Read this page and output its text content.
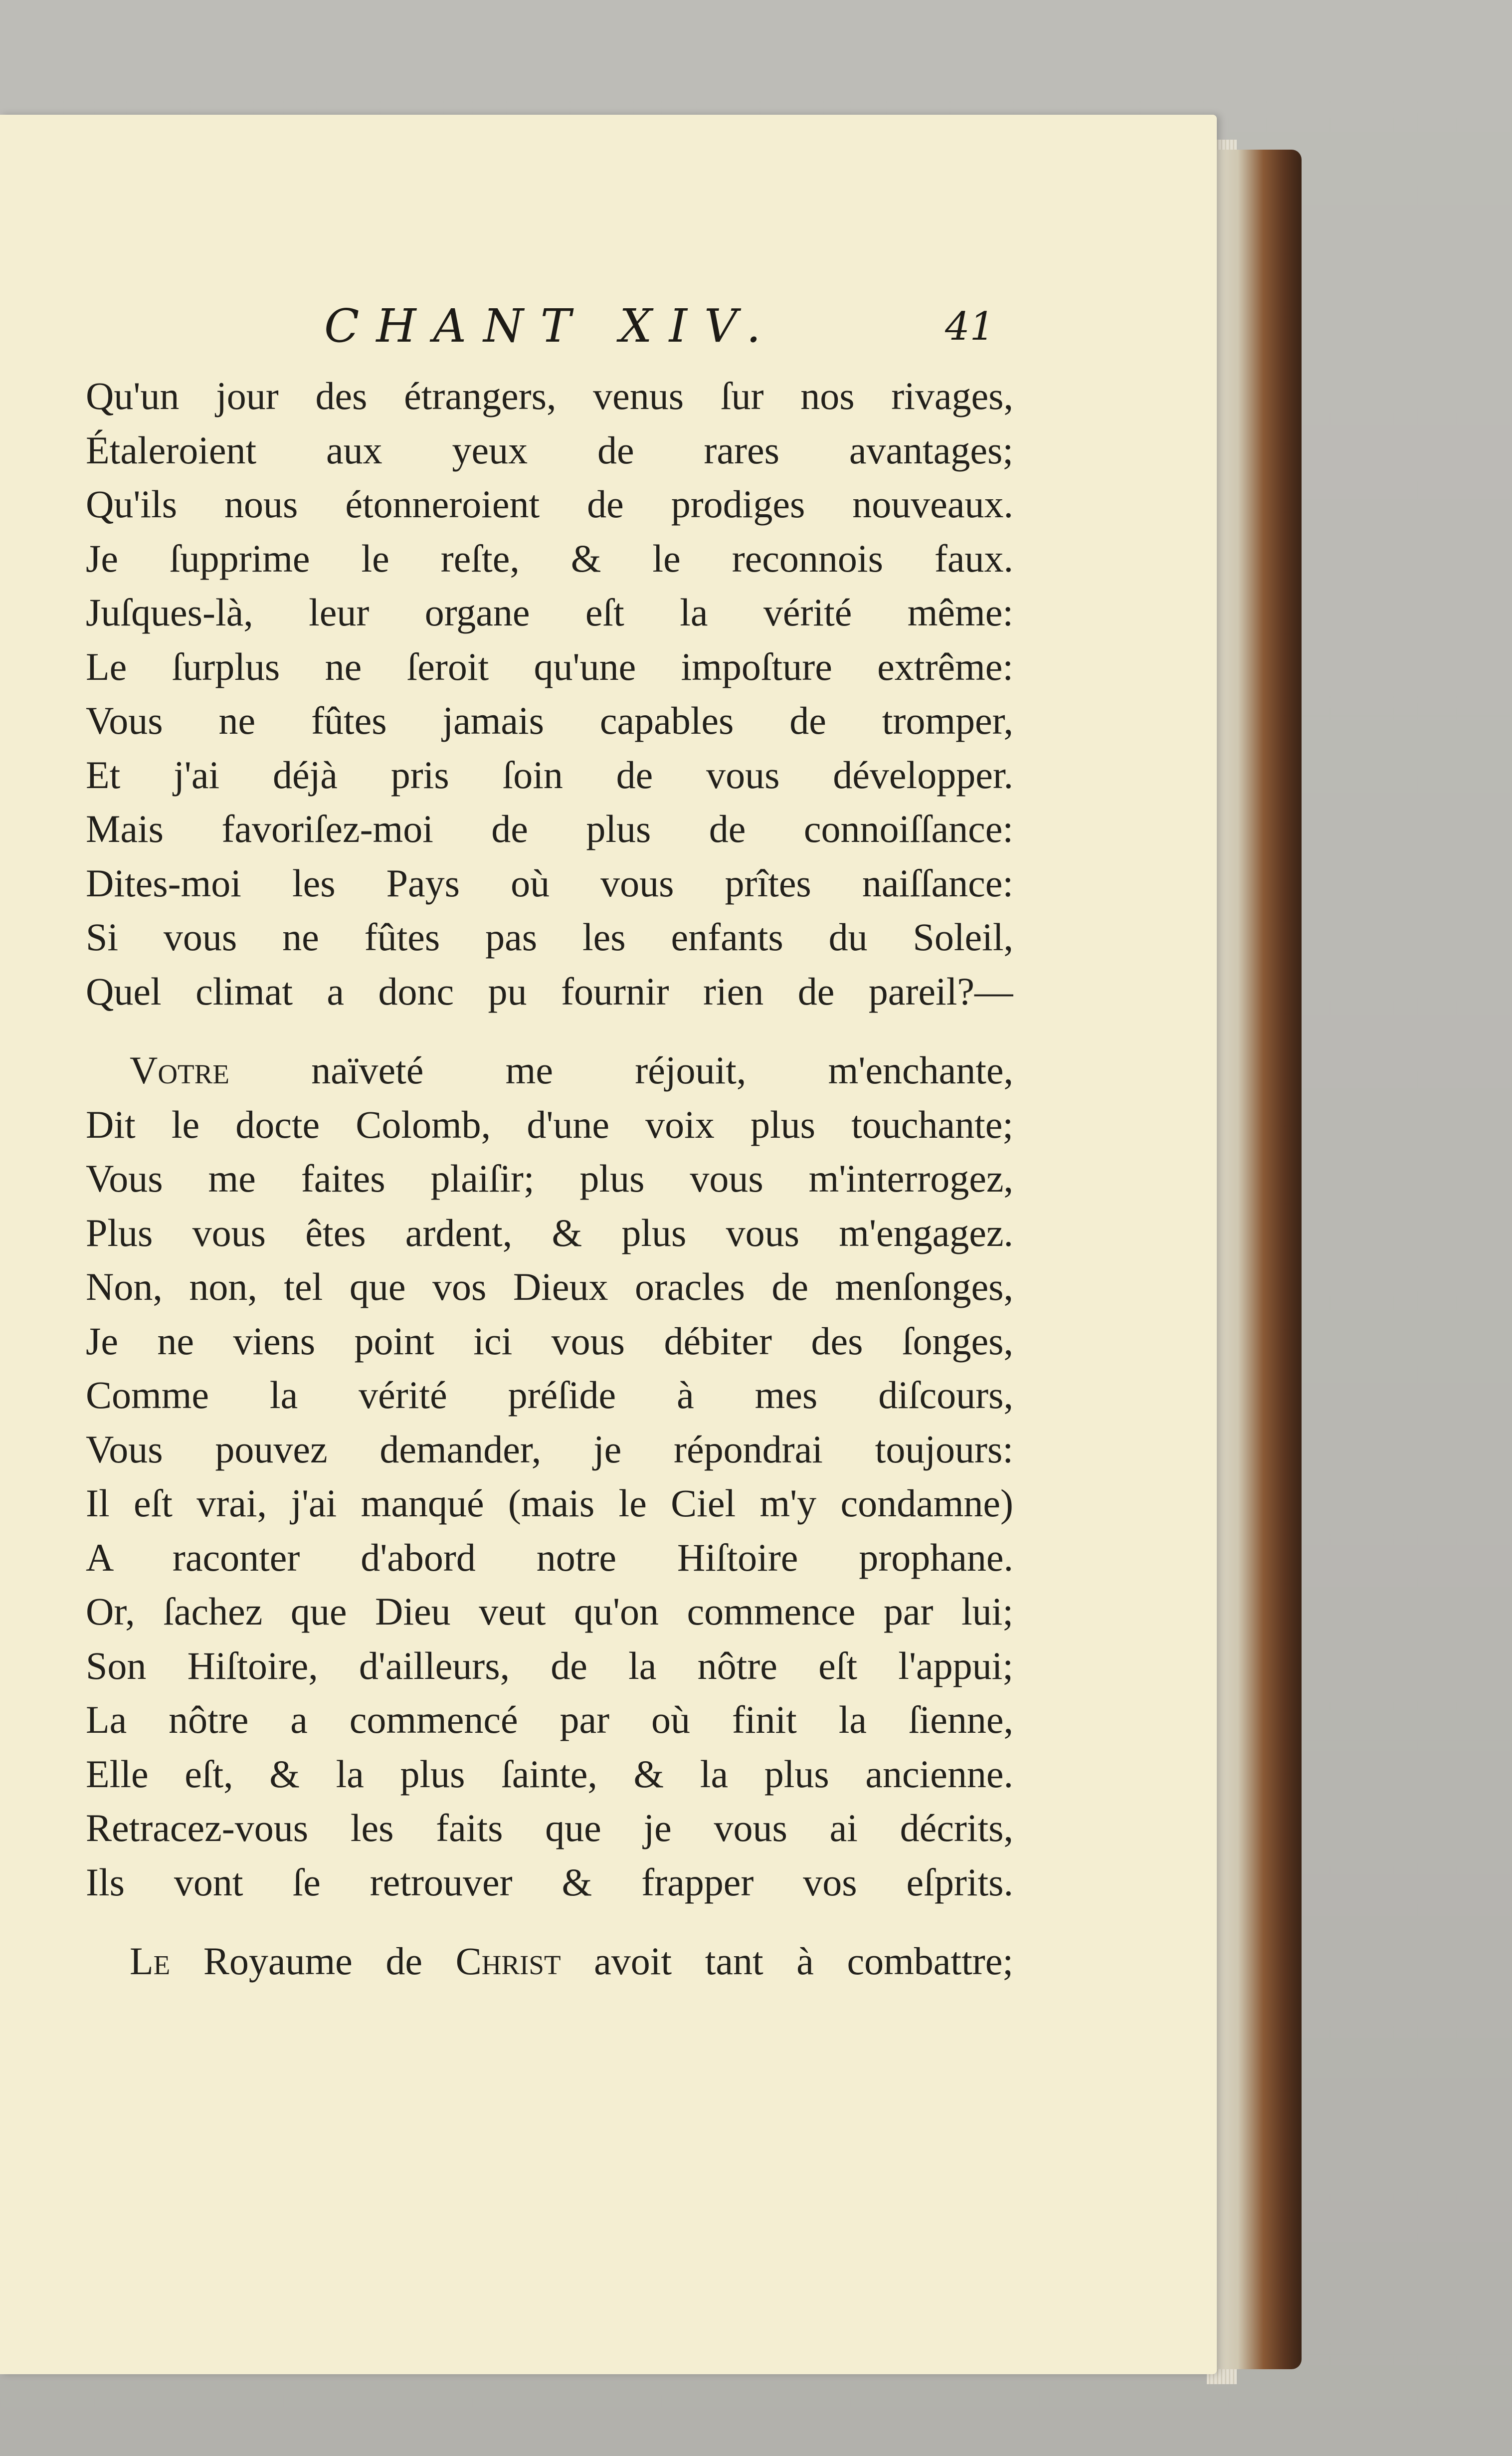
CHANT XIV.	41
Qu'un jour des étrangers, venus ſur nos rivages,
Étaleroient aux yeux de rares avantages;
Qu'ils nous étonneroient de prodiges nouveaux.
Je ſupprime le reſte, & le reconnois faux.
Juſques-là, leur organe eſt la vérité même:
Le ſurplus ne ſeroit qu'une impoſture extrême:
Vous ne fûtes jamais capables de tromper,
Et j'ai déjà pris ſoin de vous développer.
Mais favoriſez-moi de plus de connoiſſance:
Dites-moi les Pays où vous prîtes naiſſance:
Si vous ne fûtes pas les enfants du Soleil,
Quel climat a donc pu fournir rien de pareil?—
Votre naïveté me réjouit, m'enchante,
Dit le docte Colomb, d'une voix plus touchante;
Vous me faites plaiſir; plus vous m'interrogez,
Plus vous êtes ardent, & plus vous m'engagez.
Non, non, tel que vos Dieux oracles de menſonges,
Je ne viens point ici vous débiter des ſonges,
Comme la vérité préſide à mes diſcours,
Vous pouvez demander, je répondrai toujours:
Il eſt vrai, j'ai manqué (mais le Ciel m'y condamne)
A raconter d'abord notre Hiſtoire prophane.
Or, ſachez que Dieu veut qu'on commence par lui;
Son Hiſtoire, d'ailleurs, de la nôtre eſt l'appui;
La nôtre a commencé par où finit la ſienne,
Elle eſt, & la plus ſainte, & la plus ancienne.
Retracez-vous les faits que je vous ai décrits,
Ils vont ſe retrouver & frapper vos eſprits.
Le Royaume de Christ avoit tant à combattre;
